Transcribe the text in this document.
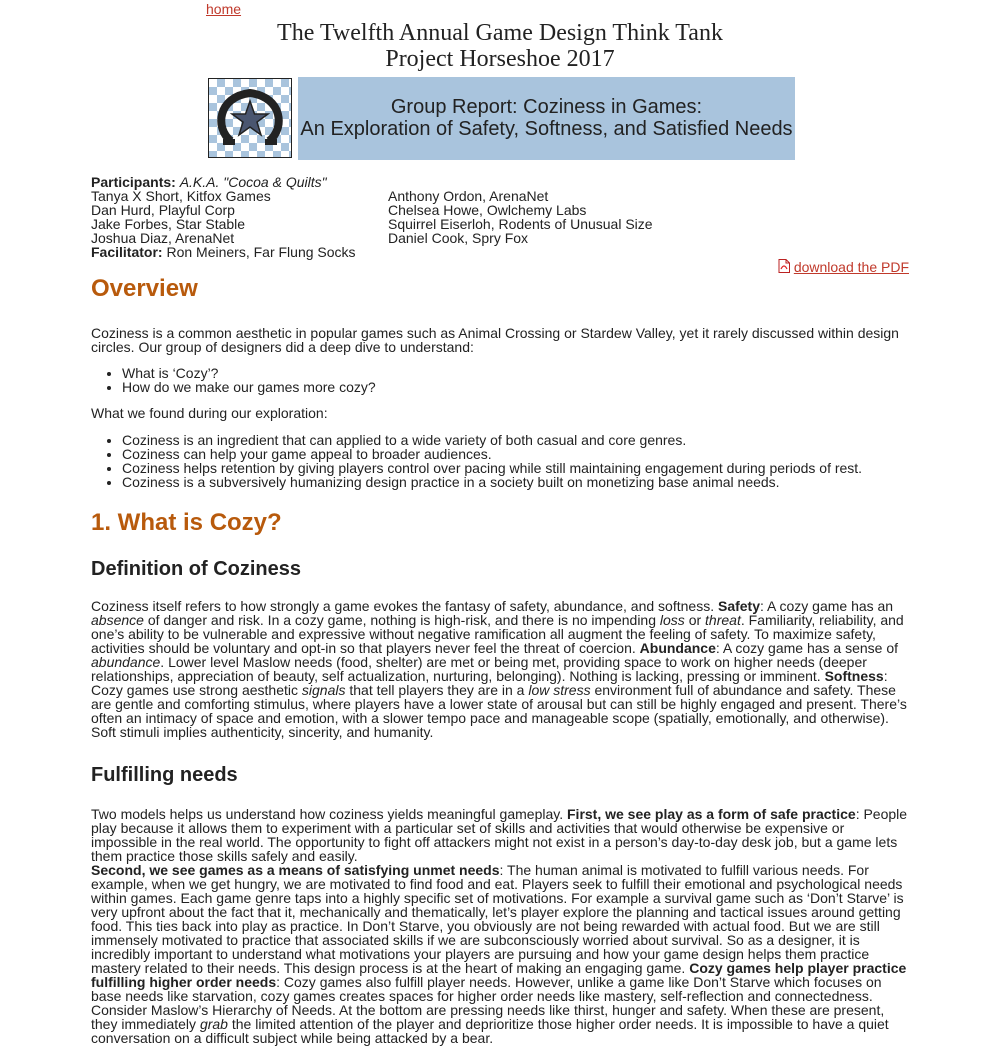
home
The Twelfth Annual Game Design Think Tank
Project Horseshoe 2017
Group Report: Coziness in Games:
An Exploration of Safety, Softness, and Satisfied Needs
Participants: A.K.A. "Cocoa & Quilts"
Tanya X Short, Kitfox Games
Dan Hurd, Playful Corp
Jake Forbes, Star Stable
Joshua Diaz, ArenaNet
Facilitator: Ron Meiners, Far Flung Socks
Anthony Ordon, ArenaNet
Chelsea Howe, Owlchemy Labs
Squirrel Eiserloh, Rodents of Unusual Size
Daniel Cook, Spry Fox
download the PDF
Overview

Coziness is a common aesthetic in popular games such as Animal Crossing or Stardew Valley, yet it rarely discussed within design circles. Our group of designers did a deep dive to understand:

• What is ‘Cozy’?
• How do we make our games more cozy?

What we found during our exploration:

• Coziness is an ingredient that can applied to a wide variety of both casual and core genres.
• Coziness can help your game appeal to broader audiences.
• Coziness helps retention by giving players control over pacing while still maintaining engagement during periods of rest.
• Coziness is a subversively humanizing design practice in a society built on monetizing base animal needs.
1. What is Cozy?
Definition of Coziness

Coziness itself refers to how strongly a game evokes the fantasy of safety, abundance, and softness. Safety: A cozy game has an absence of danger and risk. In a cozy game, nothing is high-risk, and there is no impending loss or threat. Familiarity, reliability, and one’s ability to be vulnerable and expressive without negative ramification all augment the feeling of safety. To maximize safety, activities should be voluntary and opt-in so that players never feel the threat of coercion. Abundance: A cozy game has a sense of abundance. Lower level Maslow needs (food, shelter) are met or being met, providing space to work on higher needs (deeper relationships, appreciation of beauty, self actualization, nurturing, belonging). Nothing is lacking, pressing or imminent. Softness: Cozy games use strong aesthetic signals that tell players they are in a low stress environment full of abundance and safety. These are gentle and comforting stimulus, where players have a lower state of arousal but can still be highly engaged and present. There’s often an intimacy of space and emotion, with a slower tempo pace and manageable scope (spatially, emotionally, and otherwise). Soft stimuli implies authenticity, sincerity, and humanity.

Fulfilling needs

Two models helps us understand how coziness yields meaningful gameplay. First, we see play as a form of safe practice: People play because it allows them to experiment with a particular set of skills and activities that would otherwise be expensive or impossible in the real world. The opportunity to fight off attackers might not exist in a person’s day-to-day desk job, but a game lets them practice those skills safely and easily.
Second, we see games as a means of satisfying unmet needs: The human animal is motivated to fulfill various needs. For example, when we get hungry, we are motivated to find food and eat. Players seek to fulfill their emotional and psychological needs within games. Each game genre taps into a highly specific set of motivations. For example a survival game such as ‘Don’t Starve’ is very upfront about the fact that it, mechanically and thematically, let’s player explore the planning and tactical issues around getting food. This ties back into play as practice. In Don’t Starve, you obviously are not being rewarded with actual food. But we are still immensely motivated to practice that associated skills if we are subconsciously worried about survival. So as a designer, it is incredibly important to understand what motivations your players are pursuing and how your game design helps them practice mastery related to their needs. This design process is at the heart of making an engaging game. Cozy games help player practice fulfilling higher order needs: Cozy games also fulfill player needs. However, unlike a game like Don’t Starve which focuses on base needs like starvation, cozy games creates spaces for higher order needs like mastery, self-reflection and connectedness. Consider Maslow’s Hierarchy of Needs. At the bottom are pressing needs like thirst, hunger and safety. When these are present, they immediately grab the limited attention of the player and deprioritize those higher order needs. It is impossible to have a quiet conversation on a difficult subject while being attacked by a bear.
